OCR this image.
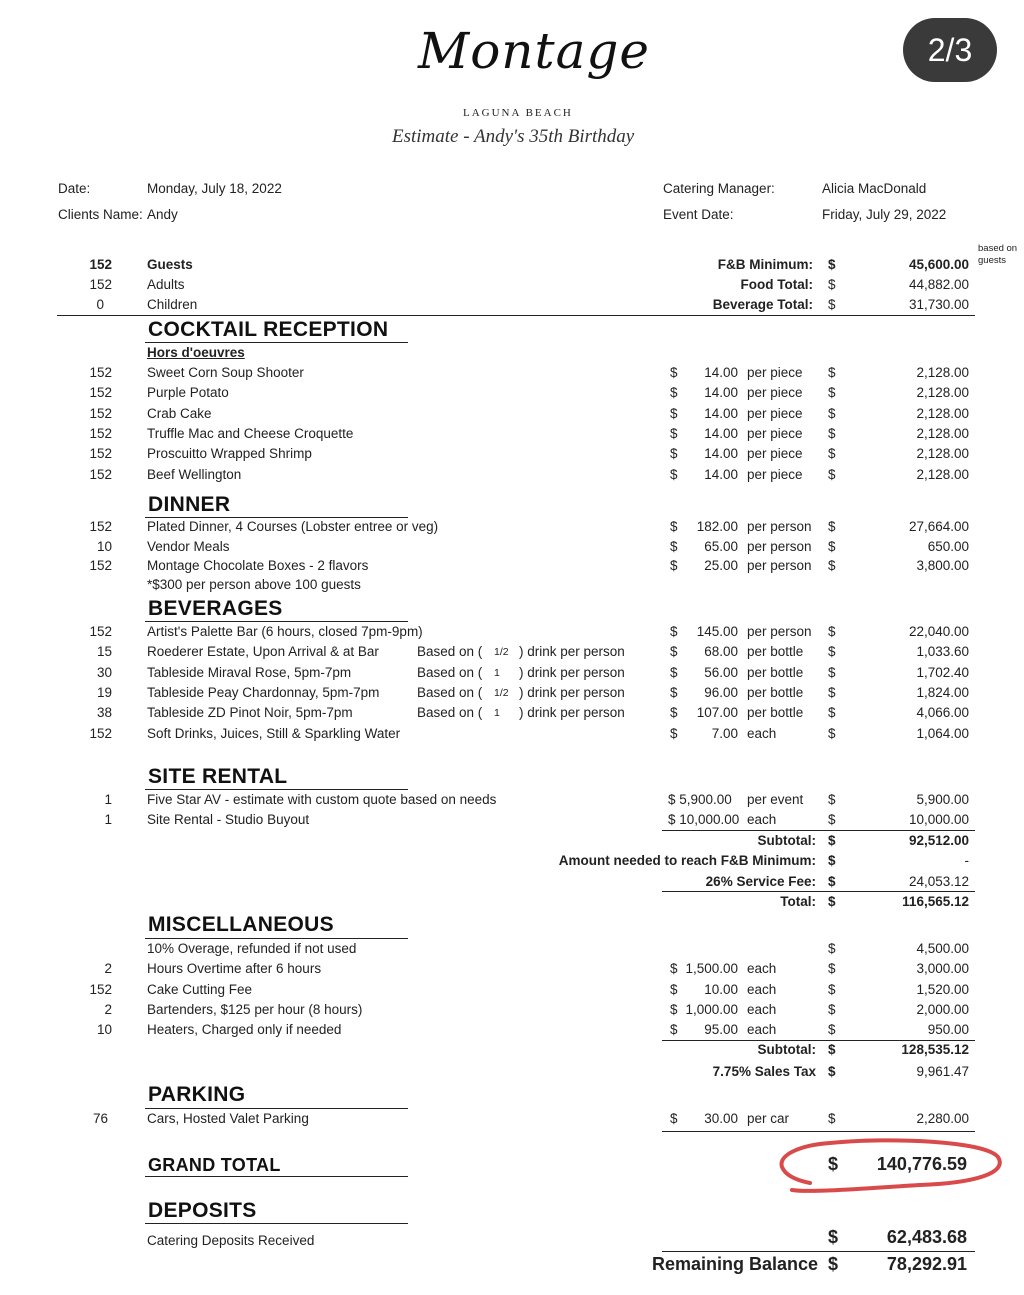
2/3
Montage
LAGUNA BEACH
Estimate - Andy's 35th Birthday
Date:	Monday, July 18, 2022
Clients Name: Andy
Catering Manager:	Alicia MacDonald
Event Date:	Friday, July 29, 2022
152	Guests
152	Adults
0	Children
F&B Minimum: $	45,600.00
Food Total: $	44,882.00
Beverage Total: $	31,730.00
based on guests
COCKTAIL RECEPTION
Hors d'oeuvres
152	Sweet Corn Soup Shooter	$	14.00 per piece $	2,128.00
152	Purple Potato	$	14.00 per piece $	2,128.00
152	Crab Cake	$	14.00 per piece $	2,128.00
152	Truffle Mac and Cheese Croquette	$	14.00 per piece $	2,128.00
152	Proscuitto Wrapped Shrimp	$	14.00 per piece $	2,128.00
152	Beef Wellington	$	14.00 per piece $	2,128.00
DINNER
152	Plated Dinner, 4 Courses (Lobster entree or veg)	$	182.00 per person $	27,664.00
10	Vendor Meals	$	65.00 per person $	650.00
152	Montage Chocolate Boxes - 2 flavors	$	25.00 per person $	3,800.00
*$300 per person above 100 guests
BEVERAGES
152	Artist's Palette Bar (6 hours, closed 7pm-9pm)	$	145.00 per person $	22,040.00
15	Roederer Estate, Upon Arrival & at Bar	Based on ( 1/2 ) drink per person	$	68.00 per bottle $	1,033.60
30	Tableside Miraval Rose, 5pm-7pm	Based on ( 1 ) drink per person	$	56.00 per bottle $	1,702.40
19	Tableside Peay Chardonnay, 5pm-7pm	Based on ( 1/2 ) drink per person	$	96.00 per bottle $	1,824.00
38	Tableside ZD Pinot Noir, 5pm-7pm	Based on ( 1 ) drink per person	$	107.00 per bottle $	4,066.00
152	Soft Drinks, Juices, Still & Sparkling Water	$	7.00 each	$	1,064.00
SITE RENTAL
1	Five Star AV - estimate with custom quote based on needs	$ 5,900.00 per event $	5,900.00
1	Site Rental - Studio Buyout	$ 10,000.00 each	$	10,000.00
Subtotal: $	92,512.00
Amount needed to reach F&B Minimum: $	-
26% Service Fee: $	24,053.12
Total: $	116,565.12
MISCELLANEOUS
10% Overage, refunded if not used	$	4,500.00
2	Hours Overtime after 6 hours	$ 1,500.00 each	$	3,000.00
152	Cake Cutting Fee	$	10.00 each	$	1,520.00
2	Bartenders, $125 per hour (8 hours)	$ 1,000.00 each	$	2,000.00
10	Heaters, Charged only if needed	$	95.00 each	$	950.00
Subtotal: $	128,535.12
7.75% Sales Tax $	9,961.47
PARKING
76	Cars, Hosted Valet Parking	$	30.00 per car	$	2,280.00
GRAND TOTAL	$	140,776.59
DEPOSITS
Catering Deposits Received	$	62,483.68
Remaining Balance $	78,292.91
